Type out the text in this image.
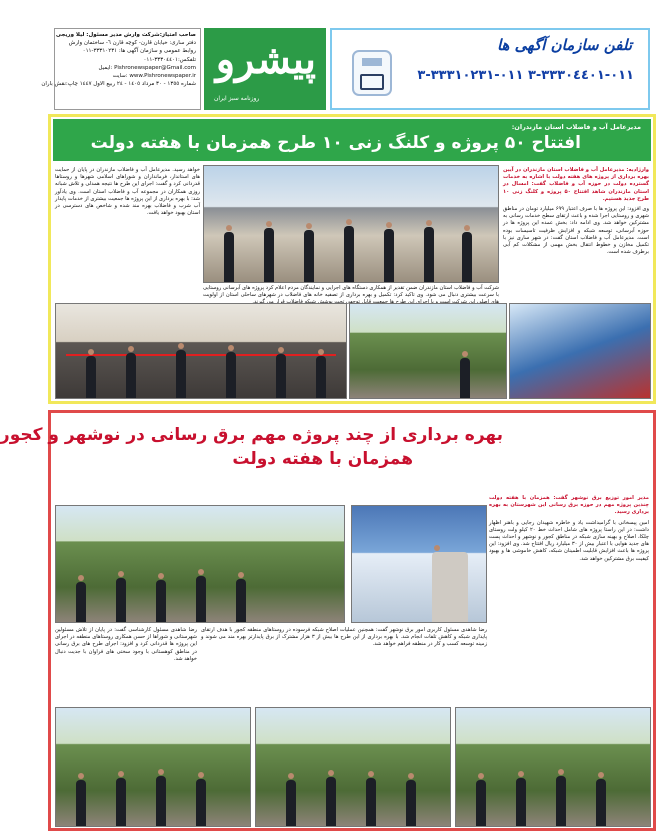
تلفن سازمان آگهی ها
٠١١-٣٣٣٠٤٤٠١-٣ ٠١١-٣٣٣١٠٢٣١-٣
پیشرو
روزنامه سبز ایران
صاحب امتیاز:شرکت وارش مدیر مسئول: لیلا وریجی
دفتر ساری: خیابان قارن- کوچه قارن ٦- ساختمان وارش
روابط عمومی و سازمان آگهی ها: ٣٣٣١٠٢٣١-٠١١
تلفکس:٣٣٣٠٤٤٠١-٠١١
Pishronewspaper@Gmail.com :ایمیل
www.Pishronewspaper.ir :سایت
شماره ١٣٥٥ - ٣٠ مرداد ١٤٠٥ - ٢٤ ربیع الاول ١٤٤٧ چاپ:نقش باران
مدیرعامل آب و فاضلاب استان مازندران:
افتتاح ۵۰ پروژه و کلنگ زنی ۱۰ طرح همزمان با هفته دولت

وارژادیه: مدیرعامل آب و فاضلاب استان مازندران در آیین بهره برداری از پروژه های هفته دولت با اشاره به خدمات گسترده دولت در حوزه آب و فاضلاب گفت: امسال در استان مازندران شاهد افتتاح ۵۰ پروژه و کلنگ زنی ۱۰ طرح جدید هستیم.

وی افزود: این پروژه ها با صرف اعتبار ۶۹۹ میلیارد تومان در مناطق شهری و روستایی اجرا شده و باعث ارتقای سطح خدمات رسانی به مشترکین خواهد شد. وی ادامه داد: بخش عمده این پروژه ها در حوزه آبرسانی، توسعه شبکه و افزایش ظرفیت تاسیسات بوده است. مدیرعامل آب و فاضلاب استان گفت: در شهر ساری نیز با تکمیل مخازن و خطوط انتقال بخش مهمی از مشکلات کم آبی برطرف شده است.

شرکت آب و فاضلاب استان مازندران ضمن تقدیر از همکاری دستگاه های اجرایی و نمایندگان مردم اعلام کرد پروژه های آبرسانی روستایی با سرعت بیشتری دنبال می شود. وی تاکید کرد: تکمیل و بهره برداری از تصفیه خانه های فاضلاب در شهرهای ساحلی استان از اولویت

خواهد رسید. مدیرعامل آب و فاضلاب مازندران در پایان از حمایت های استاندار، فرمانداران و شوراهای اسلامی شهرها و روستاها قدردانی کرد و گفت: اجرای این طرح ها نتیجه همدلی و تلاش شبانه روزی همکاران در مجموعه آب و فاضلاب استان است. وی یادآور شد: با بهره برداری از این پروژه ها جمعیت بیشتری از خدمات پایدار آب شرب و فاضلاب بهره مند شده و شاخص های دسترسی در استان بهبود خواهد یافت.

بهره برداری از چند پروژه مهم برق رسانی در نوشهر و کجور
همزمان با هفته دولت

مدیر امور توزیع برق نوشهر گفت: همزمان با هفته دولت چندین پروژه مهم در حوزه برق رسانی این شهرستان به بهره برداری رسید.

امین پیسخانی با گرامیداشت یاد و خاطره شهیدان رجایی و باهنر اظهار داشت: در این راستا پروژه های شامل احداث خط ۲۰ کیلو ولت روستای چلکا، اصلاح و بهینه سازی شبکه در مناطق کجور و نوشهر و احداث پست های جدید هوایی با اعتبار بیش از ۳۰ میلیارد ریال افتتاح شد. وی افزود: این پروژه ها باعث افزایش قابلیت اطمینان شبکه، کاهش خاموشی ها و بهبود کیفیت برق مشترکین خواهد شد.

رضا شاهدی مسئول کارشناسی گفت: در پایان از تلاش مسئولین شهرستانی و شوراها از حسن همکاری روستاهای منطقه در اجرای این پروژه ها قدردانی کرد و افزود: اجرای طرح های برق رسانی در مناطق کوهستانی با وجود سختی های فراوان با جدیت دنبال خواهد شد.

رضا شاهدی مسئول کاربری امور برق نوشهر گفت: همچنین عملیات اصلاح شبکه فرسوده در روستاهای منطقه کجور با هدف ارتقای پایداری شبکه و کاهش تلفات انجام شد. با بهره برداری از این طرح ها بیش از ۳ هزار مشترک از برق پایدارتر بهره مند می شوند و زمینه توسعه کسب و کار در منطقه فراهم خواهد شد.
